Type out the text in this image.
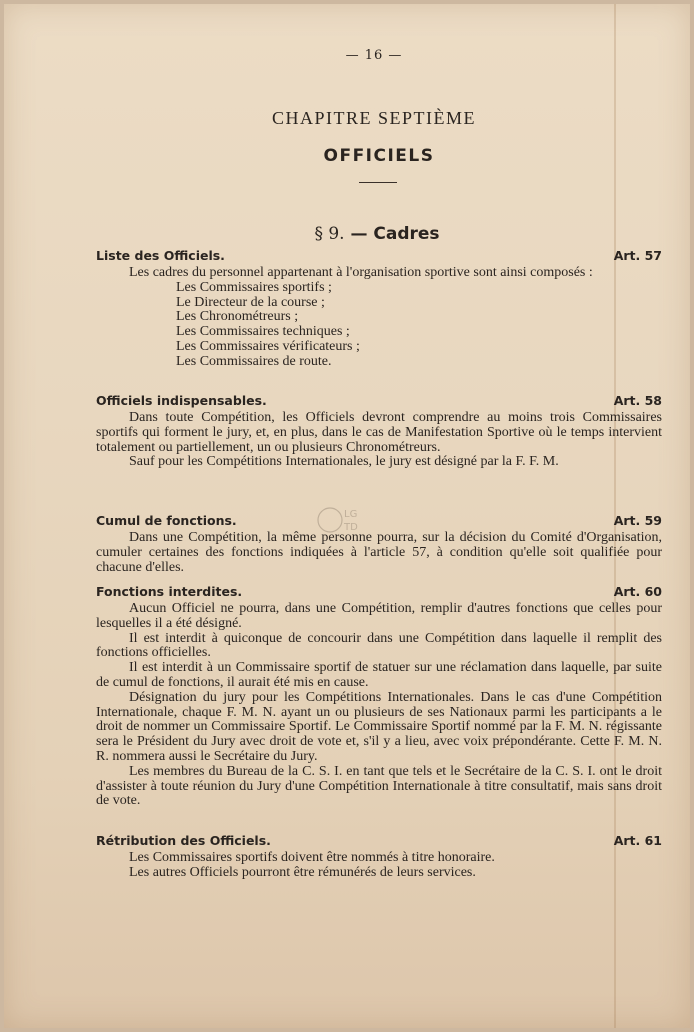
— 16 —
CHAPITRE SEPTIÈME
OFFICIELS
§ 9. — Cadres
Liste des Officiels.	Art. 57

Les cadres du personnel appartenant à l'organisation sportive sont ainsi composés :

Les Commissaires sportifs ;
Le Directeur de la course ;
Les Chronométreurs ;
Les Commissaires techniques ;
Les Commissaires vérificateurs ;
Les Commissaires de route.
Officiels indispensables.	Art. 58

Dans toute Compétition, les Officiels devront comprendre au moins trois Commissaires sportifs qui forment le jury, et, en plus, dans le cas de Manifestation Sportive où le temps intervient totalement ou partiellement, un ou plusieurs Chronométreurs.

Sauf pour les Compétitions Internationales, le jury est désigné par la F. F. M.

Cumul de fonctions.	Art. 59

Dans une Compétition, la même personne pourra, sur la décision du Comité d'Organisation, cumuler certaines des fonctions indiquées à l'article 57, à condition qu'elle soit qualifiée pour chacune d'elles.

Fonctions interdites.	Art. 60

Aucun Officiel ne pourra, dans une Compétition, remplir d'autres fonctions que celles pour lesquelles il a été désigné.

Il est interdit à quiconque de concourir dans une Compétition dans laquelle il remplit des fonctions officielles.

Il est interdit à un Commissaire sportif de statuer sur une réclamation dans laquelle, par suite de cumul de fonctions, il aurait été mis en cause.

Désignation du jury pour les Compétitions Internationales. Dans le cas d'une Compétition Internationale, chaque F. M. N. ayant un ou plusieurs de ses Nationaux parmi les participants a le droit de nommer un Commissaire Sportif. Le Commissaire Sportif nommé par la F. M. N. régissante sera le Président du Jury avec droit de vote et, s'il y a lieu, avec voix prépondérante. Cette F. M. N. R. nommera aussi le Secrétaire du Jury.

Les membres du Bureau de la C. S. I. en tant que tels et le Secrétaire de la C. S. I. ont le droit d'assister à toute réunion du Jury d'une Compétition Internationale à titre consultatif, mais sans droit de vote.

Rétribution des Officiels.	Art. 61

Les Commissaires sportifs doivent être nommés à titre honoraire.

Les autres Officiels pourront être rémunérés de leurs services.

LG
TD
